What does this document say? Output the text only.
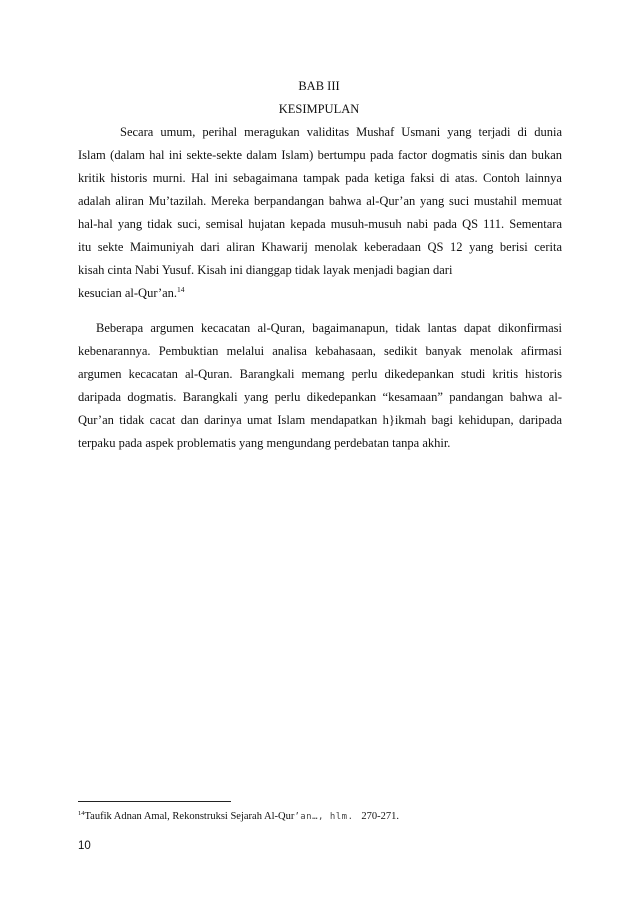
BAB III
KESIMPULAN
Secara umum, perihal meragukan validitas Mushaf Usmani yang terjadi di dunia
Islam (dalam hal ini sekte-sekte dalam Islam) bertumpu pada factor dogmatis sinis dan bukan
kritik historis murni. Hal ini sebagaimana tampak pada ketiga faksi di atas. Contoh lainnya
adalah aliran Mu’tazilah. Mereka berpandangan bahwa al-Qur’an yang suci mustahil memuat
hal-hal yang tidak suci, semisal hujatan kepada musuh-musuh nabi pada QS 111. Sementara
itu sekte Maimuniyah dari aliran Khawarij menolak keberadaan QS 12 yang berisi cerita
kisah cinta Nabi Yusuf. Kisah ini dianggap tidak layak menjadi bagian dari
kesucian al-Qur’an.$^{14}$
Beberapa argumen kecacatan al-Quran, bagaimanapun, tidak lantas dapat dikonfirmasi
kebenarannya. Pembuktian melalui analisa kebahasaan, sedikit banyak menolak afirmasi
argumen kecacatan al-Quran. Barangkali memang perlu dikedepankan studi kritis historis
daripada dogmatis. Barangkali yang perlu dikedepankan “kesamaan” pandangan bahwa al-
Qur’an tidak cacat dan darinya umat Islam mendapatkan h}ikmah bagi kehidupan, daripada
terpaku pada aspek problematis yang mengundang perdebatan tanpa akhir.
$^{14}$Taufik Adnan Amal, Rekonstruksi Sejarah Al-Qur’an…, hlm. 270-271.
10
